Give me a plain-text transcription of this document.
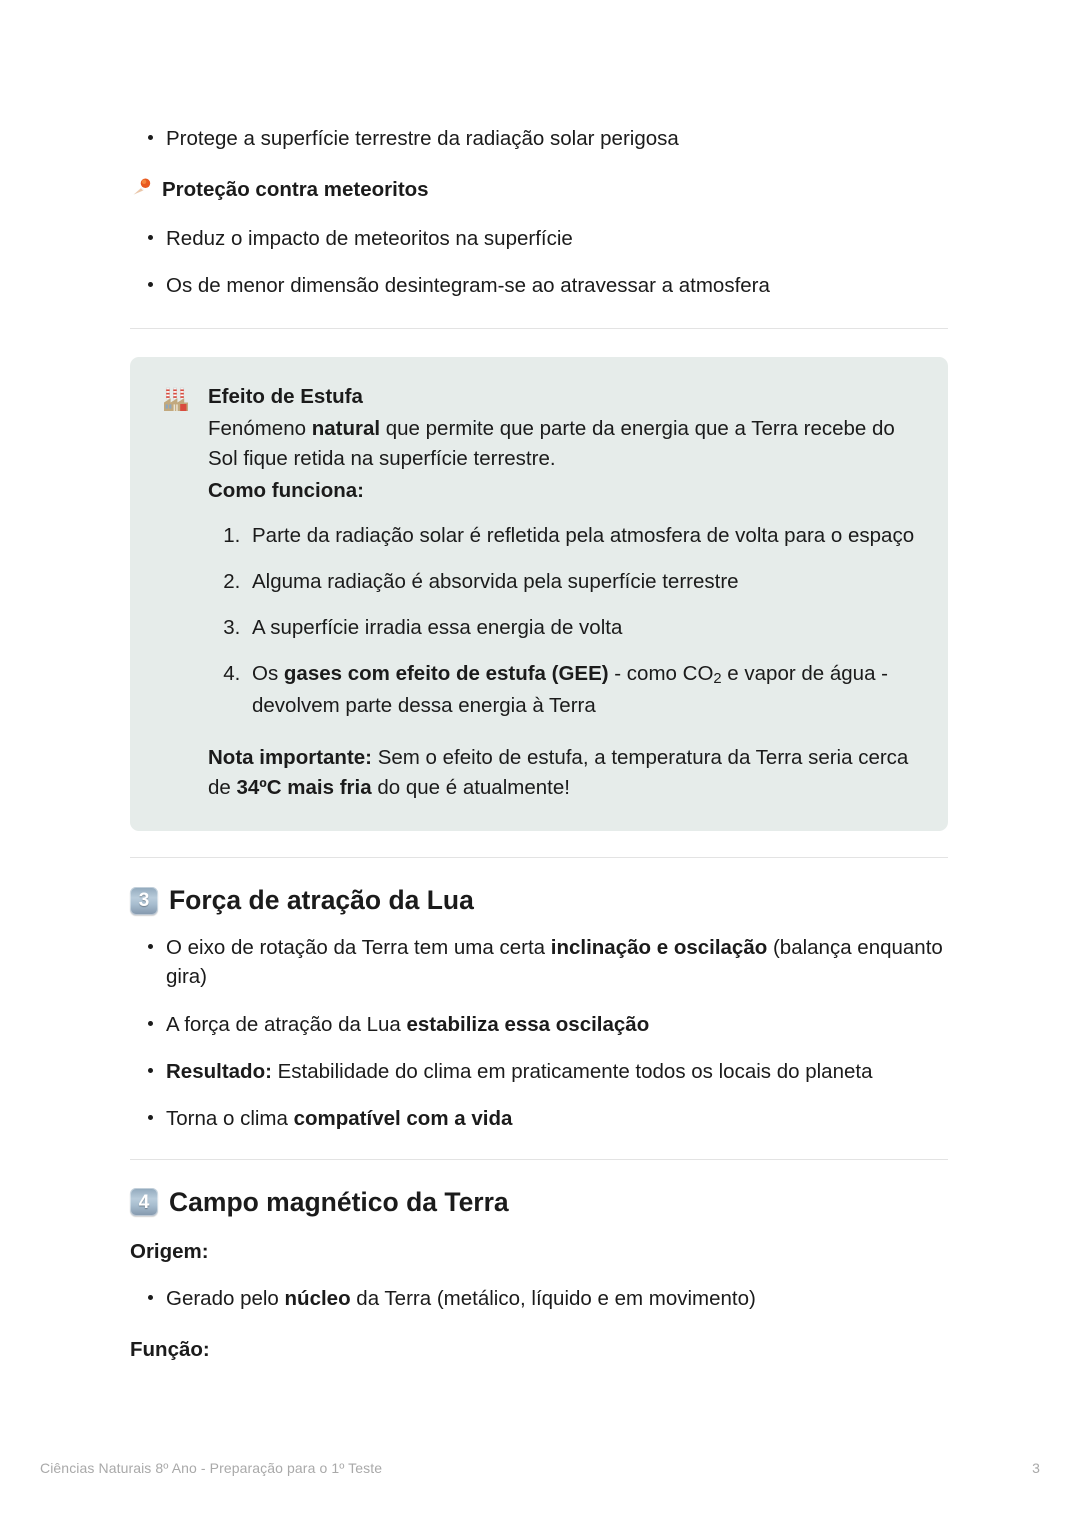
Protege a superfície terrestre da radiação solar perigosa
Proteção contra meteoritos
Reduz o impacto de meteoritos na superfície
Os de menor dimensão desintegram-se ao atravessar a atmosfera
Efeito de Estufa

Fenómeno natural que permite que parte da energia que a Terra recebe do Sol fique retida na superfície terrestre.

Como funciona:

1. Parte da radiação solar é refletida pela atmosfera de volta para o espaço
2. Alguma radiação é absorvida pela superfície terrestre
3. A superfície irradia essa energia de volta
4. Os gases com efeito de estufa (GEE) - como $CO_2$ e vapor de água - devolvem parte dessa energia à Terra

Nota importante: Sem o efeito de estufa, a temperatura da Terra seria cerca de 34ºC mais fria do que é atualmente!

3 Força de atração da Lua
O eixo de rotação da Terra tem uma certa inclinação e oscilação (balança enquanto gira)
A força de atração da Lua estabiliza essa oscilação
Resultado: Estabilidade do clima em praticamente todos os locais do planeta
Torna o clima compatível com a vida
4 Campo magnético da Terra

Origem:

Gerado pelo núcleo da Terra (metálico, líquido e em movimento)

Função:

Ciências Naturais 8º Ano - Preparação para o 1º Teste	3
